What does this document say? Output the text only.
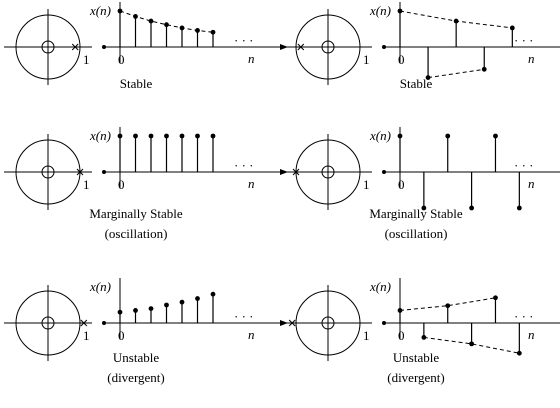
1
x(n)
0	n
· · ·
Stable
1
x(n)
0	n
· · ·
Stable
1
x(n)
0	n
· · ·
Marginally Stable
(oscillation)
1
x(n)
0	n
· · ·
Marginally Stable
(oscillation)
1
x(n)
0	n
· · ·
Unstable
(divergent)
1
x(n)
0	n
· · ·
Unstable
(divergent)
